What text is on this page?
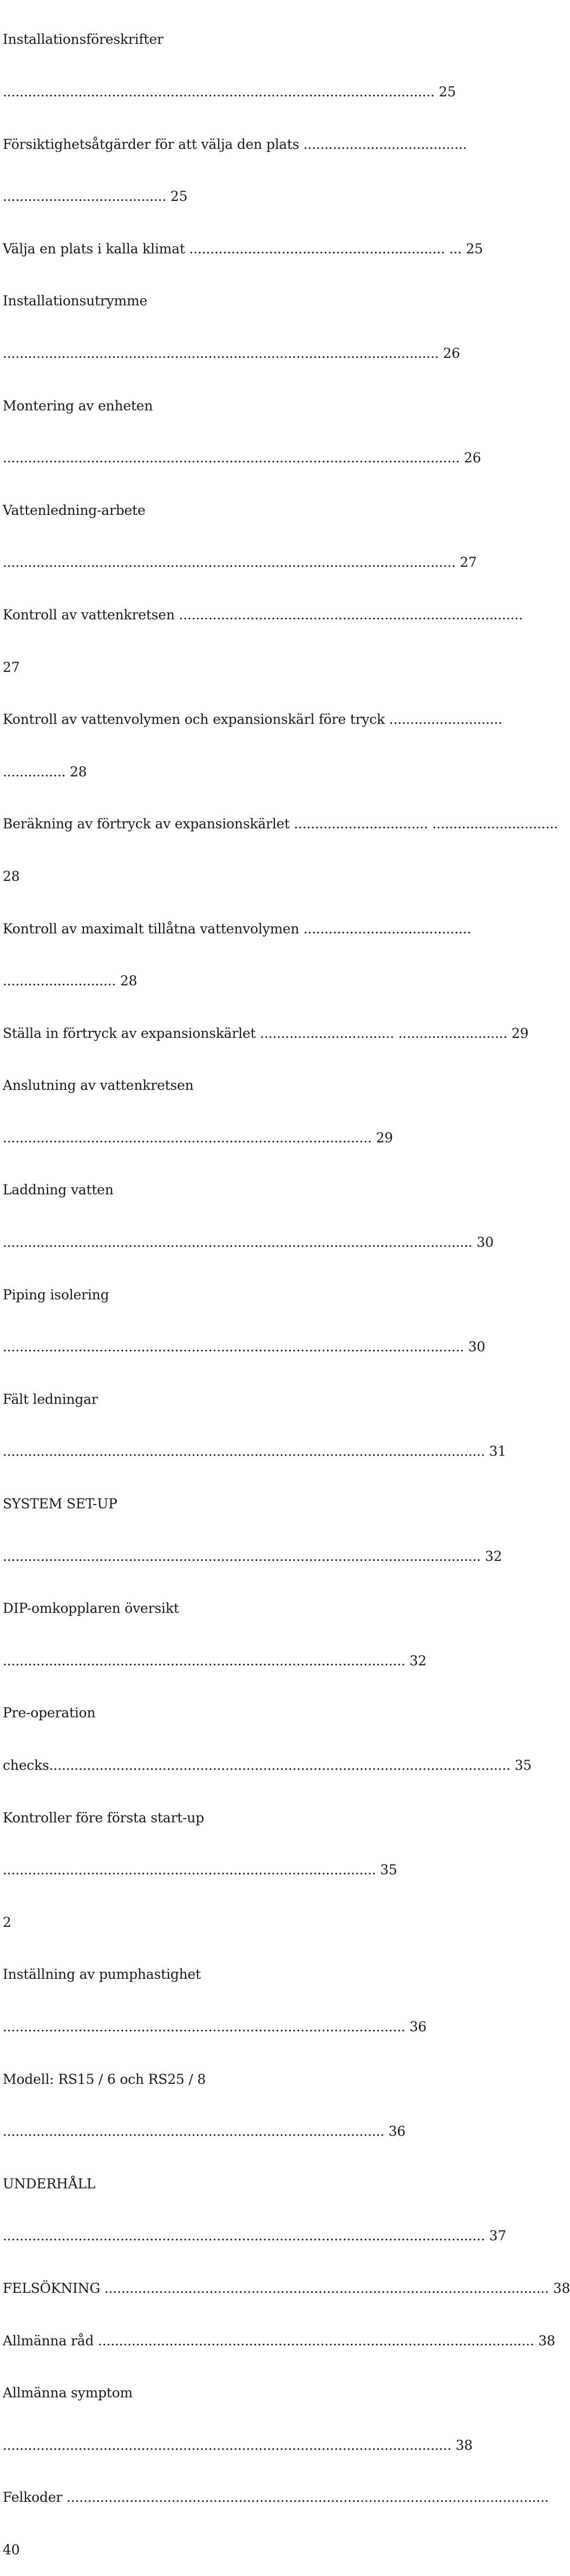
Installationsföreskrifter

....................................................................................................... 25

Försiktighetsåtgärder för att välja den plats .......................................

....................................... 25

Välja en plats i kalla klimat ............................................................. ... 25

Installationsutrymme

........................................................................................................ 26

Montering av enheten

............................................................................................................. 26

Vattenledning-arbete

............................................................................................................ 27

Kontroll av vattenkretsen ..................................................................................

27

Kontroll av vattenvolymen och expansionskärl före tryck ...........................

............... 28

Beräkning av förtryck av expansionskärlet ................................ ..............................

28

Kontroll av maximalt tillåtna vattenvolymen ........................................

........................... 28

Ställa in förtryck av expansionskärlet ................................ .......................... 29

Anslutning av vattenkretsen

........................................................................................ 29

Laddning vatten

................................................................................................................ 30

Piping isolering

.............................................................................................................. 30

Fält ledningar

................................................................................................................... 31

SYSTEM SET-UP

.................................................................................................................. 32

DIP-omkopplaren översikt

................................................................................................ 32

Pre-operation

checks.............................................................................................................. 35

Kontroller före första start-up

......................................................................................... 35

2

Inställning av pumphastighet

................................................................................................ 36

Modell: RS15 / 6 och RS25 / 8

........................................................................................... 36

UNDERHÅLL

................................................................................................................... 37

FELSÖKNING .......................................................................................................... 38

Allmänna råd ........................................................................................................ 38

Allmänna symptom

........................................................................................................... 38

Felkoder ...................................................................................................................

40
